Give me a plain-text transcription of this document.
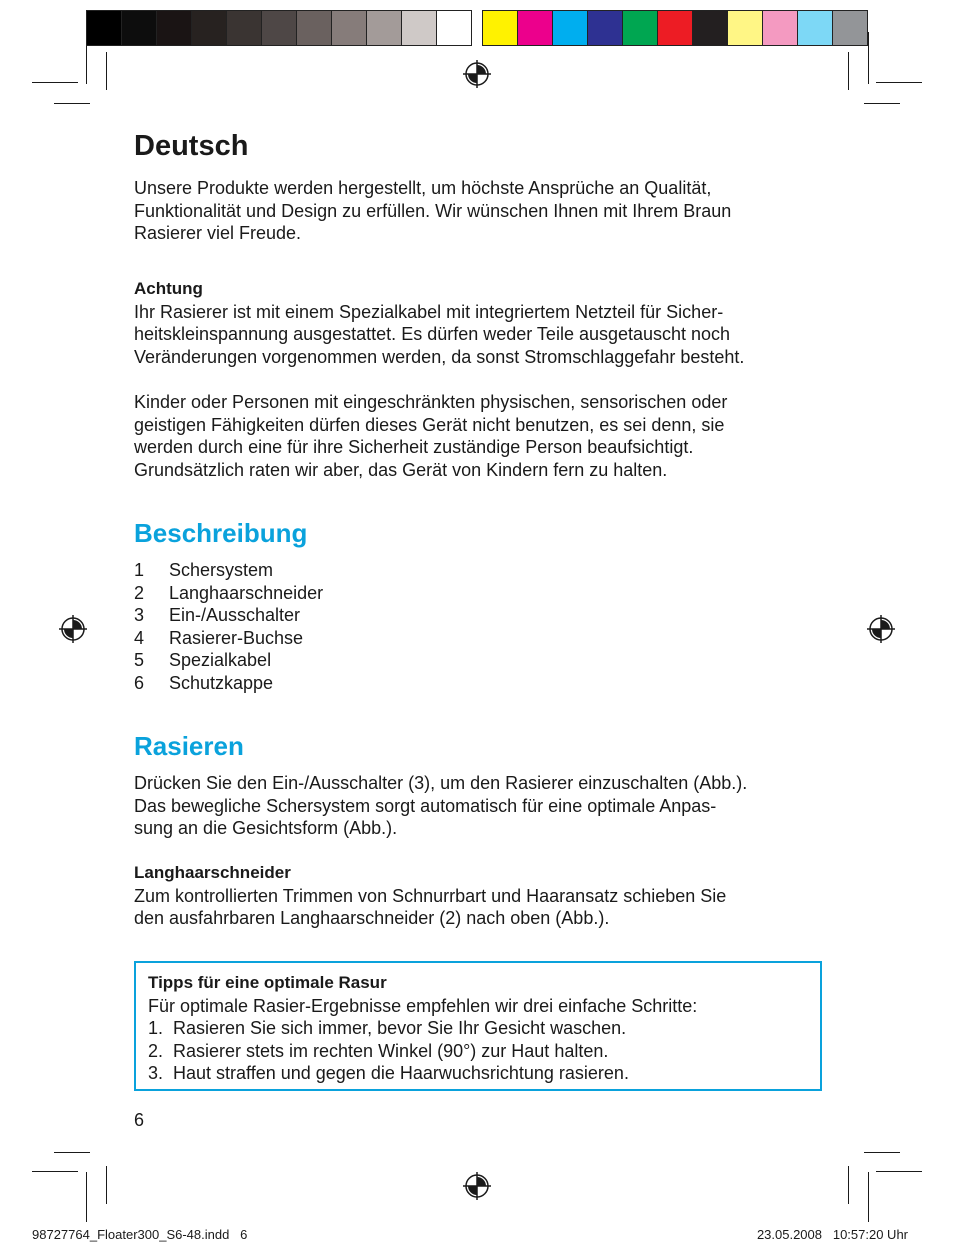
Deutsch

Unsere Produkte werden hergestellt, um höchste Ansprüche an Qualität,

Funktionalität und Design zu erfüllen. Wir wünschen Ihnen mit Ihrem Braun

Rasierer viel Freude.

Achtung

Ihr Rasierer ist mit einem Spezialkabel mit integriertem Netzteil für Sicher-

heitskleinspannung ausgestattet. Es dürfen weder Teile ausgetauscht noch

Veränderungen vorgenommen werden, da sonst Stromschlaggefahr besteht.

Kinder oder Personen mit eingeschränkten physischen, sensorischen oder

geistigen Fähigkeiten dürfen dieses Gerät nicht benutzen, es sei denn, sie

werden durch eine für ihre Sicherheit zuständige Person beaufsichtigt.

Grundsätzlich raten wir aber, das Gerät von Kindern fern zu halten.

Beschreibung
1	Schersystem
2	Langhaarschneider
3	Ein-/Ausschalter
4	Rasierer-Buchse
5	Spezialkabel
6	Schutzkappe
Rasieren

Drücken Sie den Ein-/Ausschalter (3), um den Rasierer einzuschalten (Abb.).

Das bewegliche Schersystem sorgt automatisch für eine optimale Anpas-

sung an die Gesichtsform (Abb.).

Langhaarschneider

Zum kontrollierten Trimmen von Schnurrbart und Haaransatz schieben Sie

den ausfahrbaren Langhaarschneider (2) nach oben (Abb.).

Tipps für eine optimale Rasur
Für optimale Rasier-Ergebnisse empfehlen wir drei einfache Schritte:
1. Rasieren Sie sich immer, bevor Sie Ihr Gesicht waschen.
2. Rasierer stets im rechten Winkel (90°) zur Haut halten.
3. Haut straffen und gegen die Haarwuchsrichtung rasieren.
6
98727764_Floater300_S6-48.indd   6	23.05.2008   10:57:20 Uhr
